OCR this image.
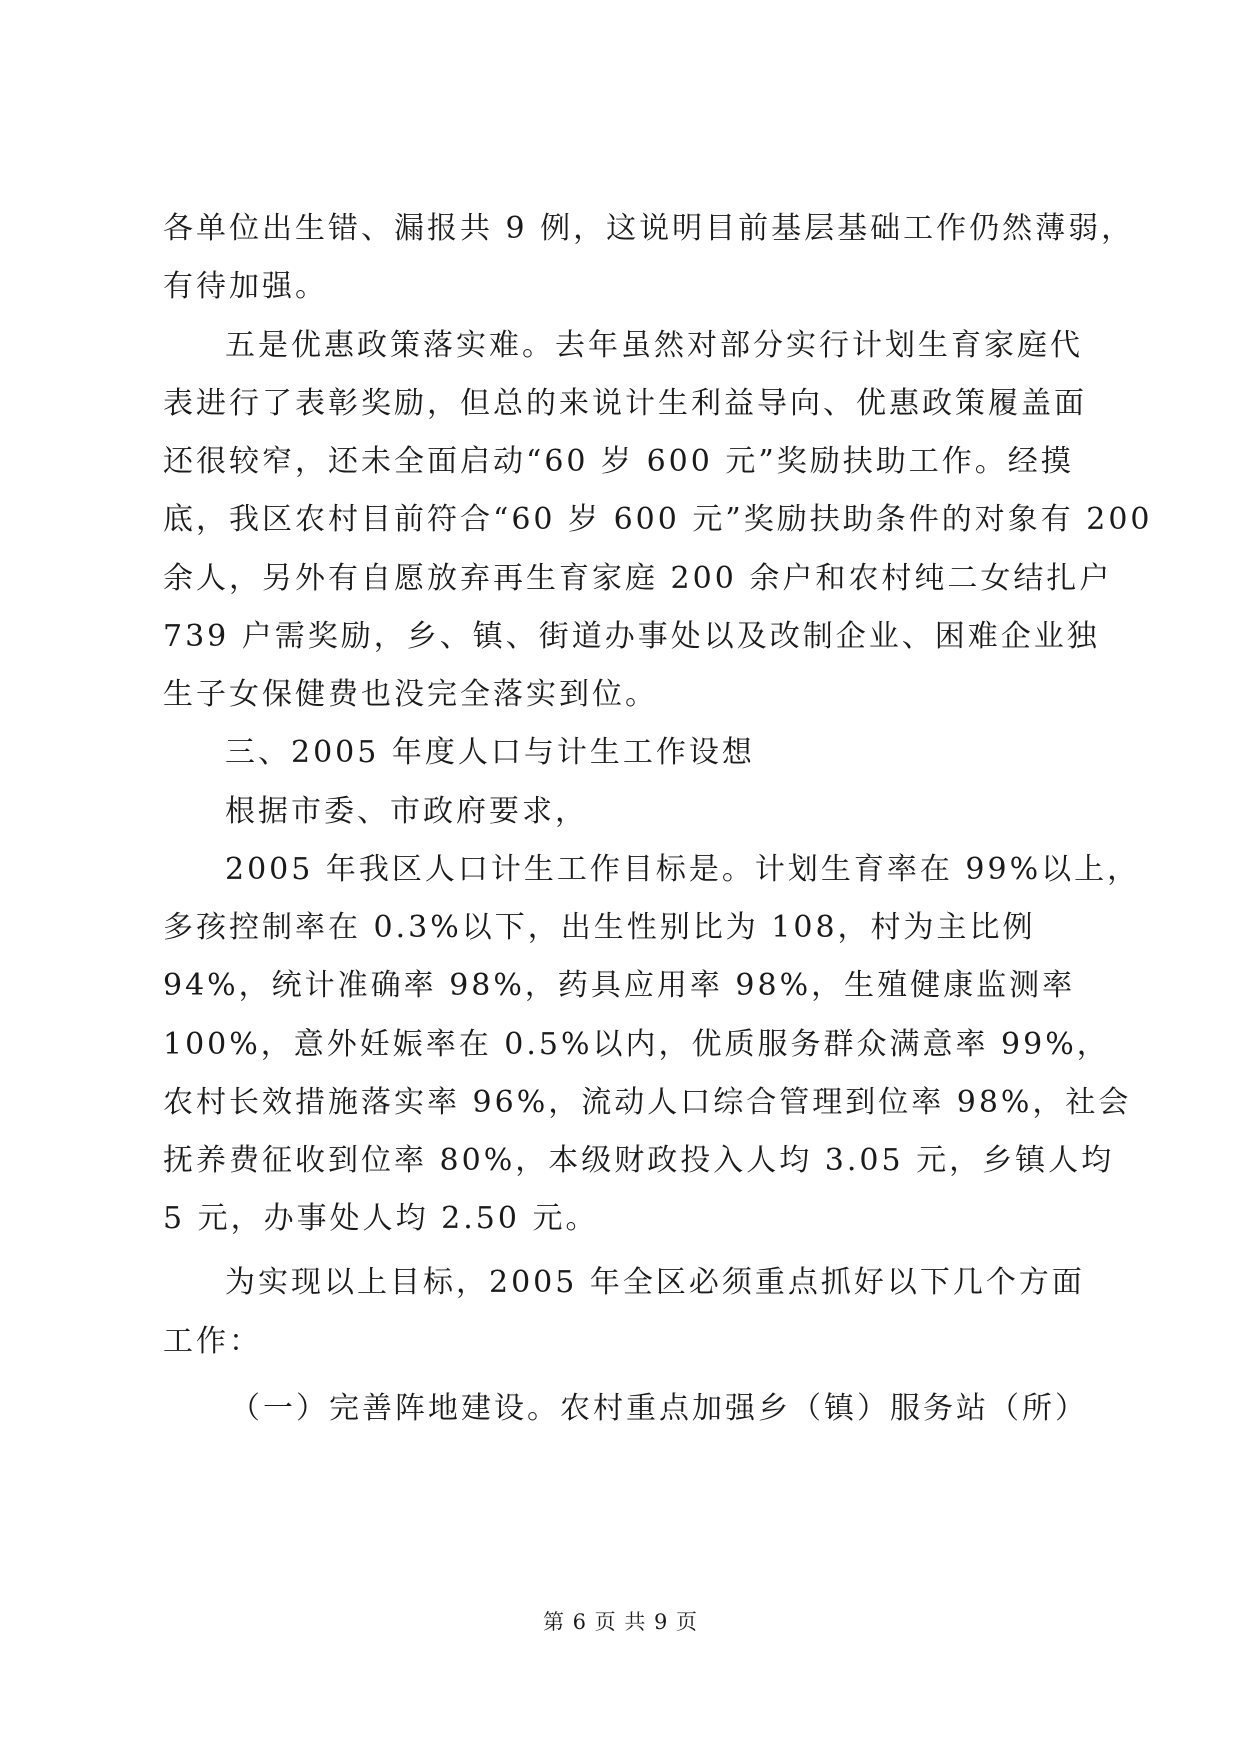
各单位出生错、漏报共 9 例，这说明目前基层基础工作仍然薄弱，
有待加强。
五是优惠政策落实难。去年虽然对部分实行计划生育家庭代
表进行了表彰奖励，但总的来说计生利益导向、优惠政策履盖面
还很较窄，还未全面启动“60 岁 600 元”奖励扶助工作。经摸
底，我区农村目前符合“60 岁 600 元”奖励扶助条件的对象有 200
余人，另外有自愿放弃再生育家庭 200 余户和农村纯二女结扎户
739 户需奖励，乡、镇、街道办事处以及改制企业、困难企业独
生子女保健费也没完全落实到位。
三、2005 年度人口与计生工作设想
根据市委、市政府要求，
2005 年我区人口计生工作目标是。计划生育率在 99%以上，
多孩控制率在 0.3%以下，出生性别比为 108，村为主比例
94%，统计准确率 98%，药具应用率 98%，生殖健康监测率
100%，意外妊娠率在 0.5%以内，优质服务群众满意率 99%，
农村长效措施落实率 96%，流动人口综合管理到位率 98%，社会
抚养费征收到位率 80%，本级财政投入人均 3.05 元，乡镇人均
5 元，办事处人均 2.50 元。
为实现以上目标，2005 年全区必须重点抓好以下几个方面
工作：
（一）完善阵地建设。农村重点加强乡（镇）服务站（所）
第 6 页 共 9 页
